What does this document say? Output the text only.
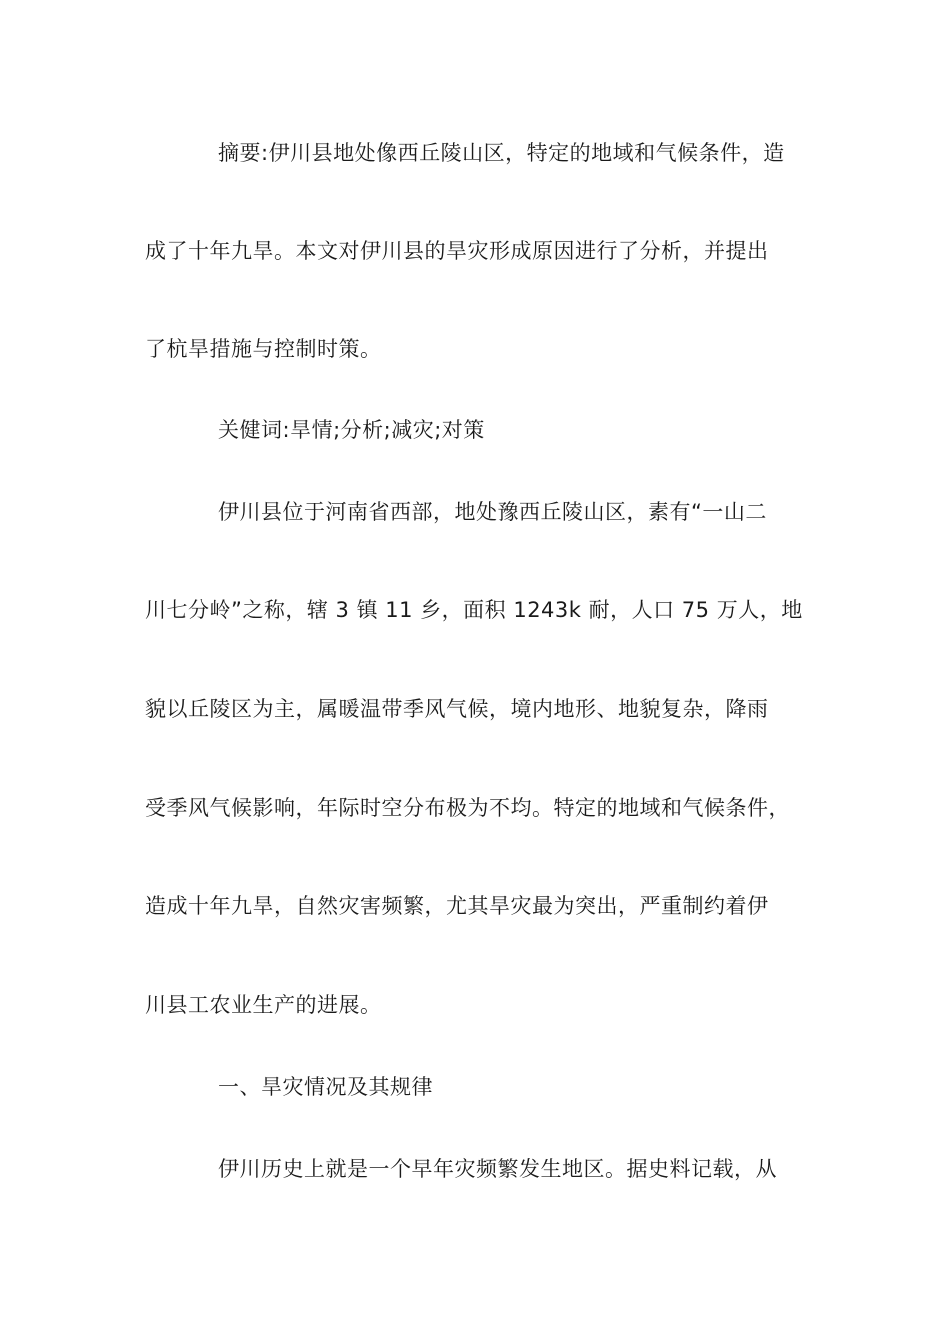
摘要:伊川县地处像西丘陵山区，特定的地域和气候条件，造
成了十年九旱。本文对伊川县的旱灾形成原因进行了分析，并提出
了杭旱措施与控制时策。
关健词:旱情;分析;减灾;对策
伊川县位于河南省西部，地处豫西丘陵山区，素有“一山二
川七分岭”之称，辖 3 镇 11 乡，面积 1243k 耐，人口 75 万人，地
貌以丘陵区为主，属暖温带季风气候，境内地形、地貌复杂，降雨
受季风气候影响，年际时空分布极为不均。特定的地域和气候条件，
造成十年九旱，自然灾害频繁，尤其旱灾最为突出，严重制约着伊
川县工农业生产的进展。
一、旱灾情况及其规律
伊川历史上就是一个早年灾频繁发生地区。据史料记载，从
